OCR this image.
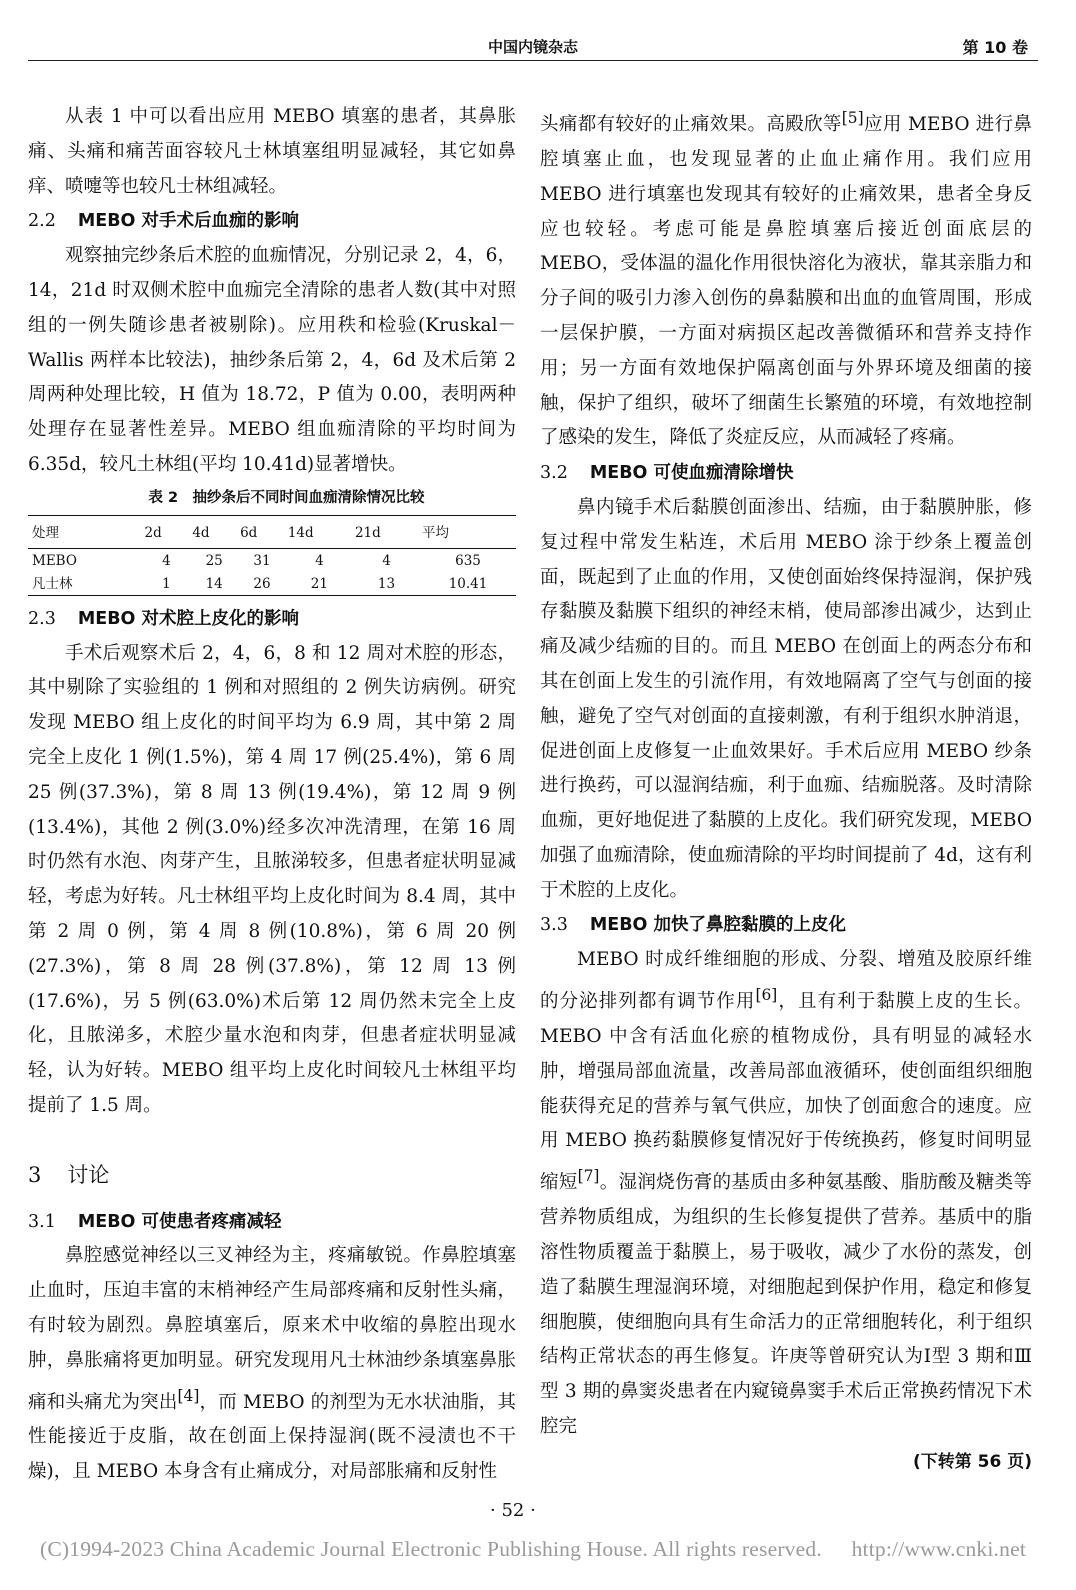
中国内镜杂志	第 10 卷

从表 1 中可以看出应用 MEBO 填塞的患者，其鼻胀痛、头痛和痛苦面容较凡士林填塞组明显减轻，其它如鼻痒、喷嚏等也较凡士林组减轻。

2.2 MEBO 对手术后血痂的影响

观察抽完纱条后术腔的血痂情况，分别记录 2，4，6，14，21d 时双侧术腔中血痂完全清除的患者人数(其中对照组的一例失随诊患者被剔除)。应用秩和检验(Kruskal－Wallis 两样本比较法)，抽纱条后第 2，4，6d 及术后第 2 周两种处理比较，H 值为 18.72，P 值为 0.00，表明两种处理存在显著性差异。MEBO 组血痂清除的平均时间为 6.35d，较凡土林组(平均 10.41d)显著增快。

表 2　抽纱条后不同时间血痂清除情况比较

处理	2d	4d	6d	14d	21d	平均
MEBO	4	25	31	4	4	635
凡士林	1	14	26	21	13	10.41
2.3 MEBO 对术腔上皮化的影响

手术后观察术后 2，4，6，8 和 12 周对术腔的形态，其中剔除了实验组的 1 例和对照组的 2 例失访病例。研究发现 MEBO 组上皮化的时间平均为 6.9 周，其中第 2 周完全上皮化 1 例(1.5%)，第 4 周 17 例(25.4%)，第 6 周 25 例(37.3%)，第 8 周 13 例(19.4%)，第 12 周 9 例(13.4%)，其他 2 例(3.0%)经多次冲洗清理，在第 16 周时仍然有水泡、肉芽产生，且脓涕较多，但患者症状明显减轻，考虑为好转。凡士林组平均上皮化时间为 8.4 周，其中第 2 周 0 例，第 4 周 8 例(10.8%)，第 6 周 20 例(27.3%)，第 8 周 28 例(37.8%)，第 12 周 13 例(17.6%)，另 5 例(63.0%)术后第 12 周仍然未完全上皮化，且脓涕多，术腔少量水泡和肉芽，但患者症状明显减轻，认为好转。MEBO 组平均上皮化时间较凡士林组平均提前了 1.5 周。

3 讨论
3.1 MEBO 可使患者疼痛减轻

鼻腔感觉神经以三叉神经为主，疼痛敏锐。作鼻腔填塞止血时，压迫丰富的末梢神经产生局部疼痛和反射性头痛，有时较为剧烈。鼻腔填塞后，原来术中收缩的鼻腔出现水肿，鼻胀痛将更加明显。研究发现用凡士林油纱条填塞鼻胀痛和头痛尤为突出[4]，而 MEBO 的剂型为无水状油脂，其性能接近于皮脂，故在创面上保持湿润(既不浸渍也不干燥)，且 MEBO 本身含有止痛成分，对局部胀痛和反射性

头痛都有较好的止痛效果。高殿欣等[5]应用 MEBO 进行鼻腔填塞止血，也发现显著的止血止痛作用。我们应用 MEBO 进行填塞也发现其有较好的止痛效果，患者全身反应也较轻。考虑可能是鼻腔填塞后接近创面底层的 MEBO，受体温的温化作用很快溶化为液状，靠其亲脂力和分子间的吸引力渗入创伤的鼻黏膜和出血的血管周围，形成一层保护膜，一方面对病损区起改善微循环和营养支持作用；另一方面有效地保护隔离创面与外界环境及细菌的接触，保护了组织，破坏了细菌生长繁殖的环境，有效地控制了感染的发生，降低了炎症反应，从而减轻了疼痛。

3.2 MEBO 可使血痂清除增快

鼻内镜手术后黏膜创面渗出、结痂，由于黏膜肿胀，修复过程中常发生粘连，术后用 MEBO 涂于纱条上覆盖创面，既起到了止血的作用，又使创面始终保持湿润，保护残存黏膜及黏膜下组织的神经末梢，使局部渗出减少，达到止痛及减少结痂的目的。而且 MEBO 在创面上的两态分布和其在创面上发生的引流作用，有效地隔离了空气与创面的接触，避免了空气对创面的直接刺激，有利于组织水肿消退，促进创面上皮修复一止血效果好。手术后应用 MEBO 纱条进行换药，可以湿润结痂，利于血痂、结痂脱落。及时清除血痂，更好地促进了黏膜的上皮化。我们研究发现，MEBO 加强了血痂清除，使血痂清除的平均时间提前了 4d，这有利于术腔的上皮化。

3.3 MEBO 加快了鼻腔黏膜的上皮化

MEBO 时成纤维细胞的形成、分裂、增殖及胶原纤维的分泌排列都有调节作用[6]，且有利于黏膜上皮的生长。MEBO 中含有活血化瘀的植物成份，具有明显的减轻水肿，增强局部血流量，改善局部血液循环，使创面组织细胞能获得充足的营养与氧气供应，加快了创面愈合的速度。应用 MEBO 换药黏膜修复情况好于传统换药，修复时间明显缩短[7]。湿润烧伤膏的基质由多种氨基酸、脂肪酸及糖类等营养物质组成，为组织的生长修复提供了营养。基质中的脂溶性物质覆盖于黏膜上，易于吸收，减少了水份的蒸发，创造了黏膜生理湿润环境，对细胞起到保护作用，稳定和修复细胞膜，使细胞向具有生命活力的正常细胞转化，利于组织结构正常状态的再生修复。许庚等曾研究认为Ⅰ型 3 期和Ⅲ型 3 期的鼻窦炎患者在内窥镜鼻窦手术后正常换药情况下术腔完

(下转第 56 页)

· 52 ·
(C)1994-2023 China Academic Journal Electronic Publishing House. All rights reserved. http://www.cnki.net
